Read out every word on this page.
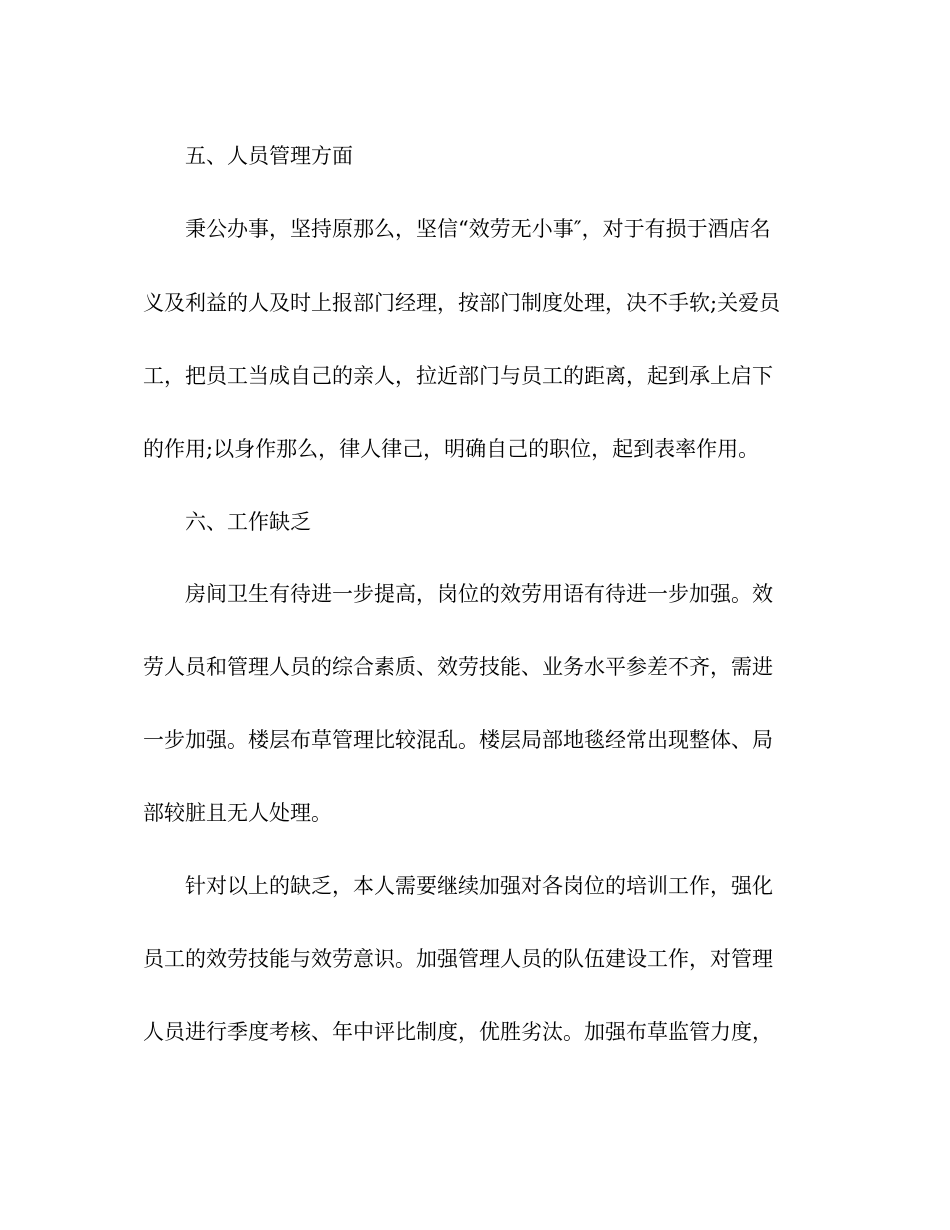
五、人员管理方面
秉公办事，坚持原那么，坚信“效劳无小事″，对于有损于酒店名
义及利益的人及时上报部门经理，按部门制度处理，决不手软;关爱员
工，把员工当成自己的亲人，拉近部门与员工的距离，起到承上启下
的作用;以身作那么，律人律己，明确自己的职位，起到表率作用。
六、工作缺乏
房间卫生有待进一步提高，岗位的效劳用语有待进一步加强。效
劳人员和管理人员的综合素质、效劳技能、业务水平参差不齐，需进
一步加强。楼层布草管理比较混乱。楼层局部地毯经常出现整体、局
部较脏且无人处理。
针对以上的缺乏，本人需要继续加强对各岗位的培训工作，强化
员工的效劳技能与效劳意识。加强管理人员的队伍建设工作，对管理
人员进行季度考核、年中评比制度，优胜劣汰。加强布草监管力度，
